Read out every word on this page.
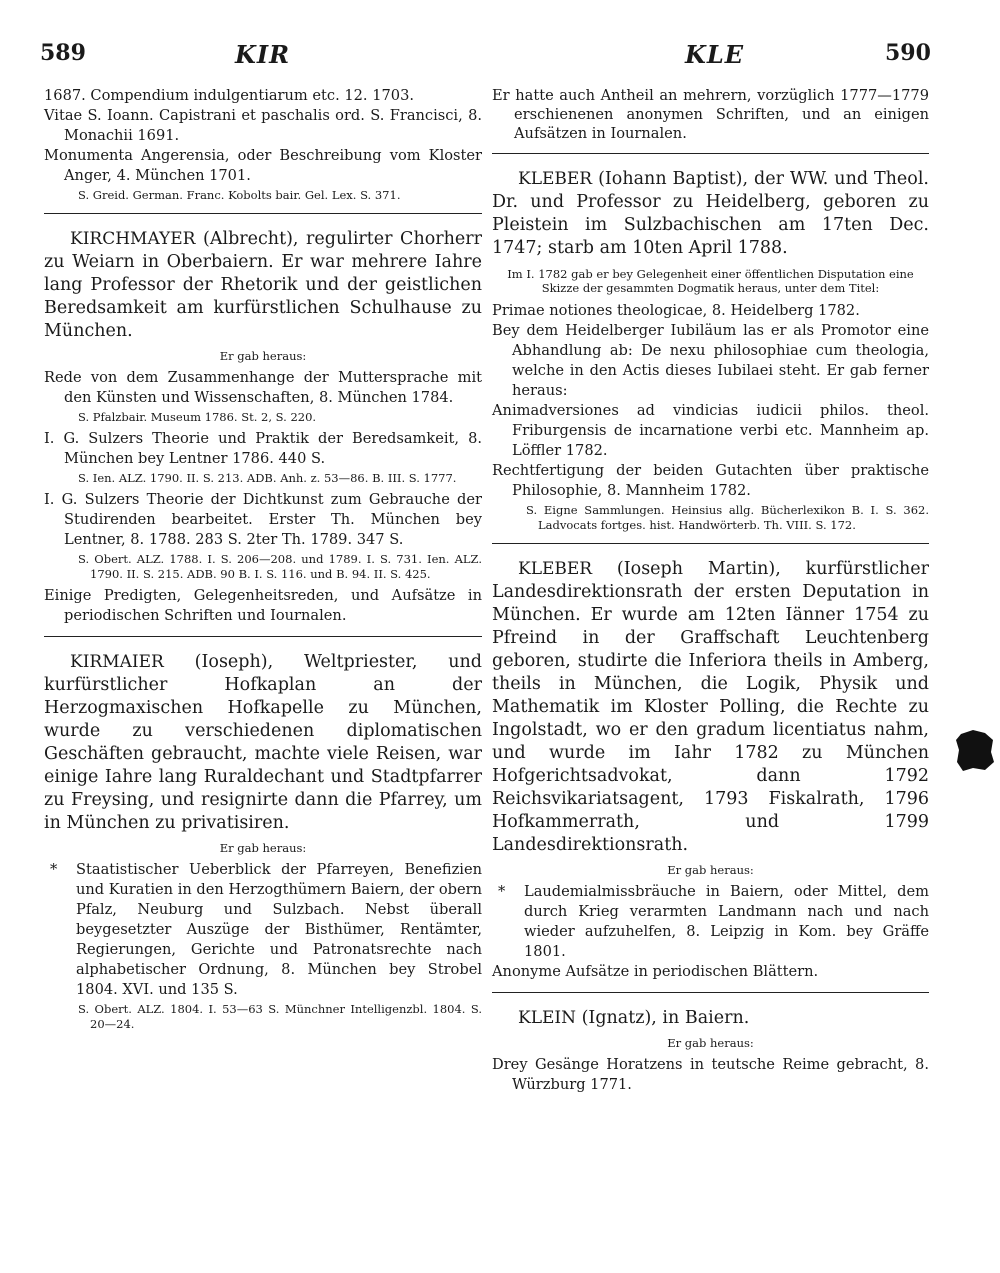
589	KIR	KLE	590

1687. Compendium indulgentiarum etc. 12. 1703.

Vitae S. Ioann. Capistrani et paschalis ord. S. Francisci, 8. Monachii 1691.

Monumenta Angerensia, oder Beschreibung vom Kloster Anger, 4. München 1701.

S. Greid. German. Franc. Kobolts bair. Gel. Lex. S. 371.

KIRCHMAYER (Albrecht), regulirter Chorherr zu Weiarn in Oberbaiern. Er war mehrere Iahre lang Professor der Rhetorik und der geistlichen Beredsamkeit am kurfürstlichen Schulhause zu München.

Er gab heraus:

Rede von dem Zusammenhange der Muttersprache mit den Künsten und Wissenschaften, 8. München 1784.

S. Pfalzbair. Museum 1786. St. 2, S. 220.

I. G. Sulzers Theorie und Praktik der Beredsamkeit, 8. München bey Lentner 1786. 440 S.

S. Ien. ALZ. 1790. II. S. 213. ADB. Anh. z. 53—86. B. III. S. 1777.

I. G. Sulzers Theorie der Dichtkunst zum Gebrauche der Studirenden bearbeitet. Erster Th. München bey Lentner, 8. 1788. 283 S. 2ter Th. 1789. 347 S.

S. Obert. ALZ. 1788. I. S. 206—208. und 1789. I. S. 731. Ien. ALZ. 1790. II. S. 215. ADB. 90 B. I. S. 116. und B. 94. II. S. 425.

Einige Predigten, Gelegenheitsreden, und Aufsätze in periodischen Schriften und Iournalen.

KIRMAIER (Ioseph), Weltpriester, und kurfürstlicher Hofkaplan an der Herzogmaxischen Hofkapelle zu München, wurde zu verschiedenen diplomatischen Geschäften gebraucht, machte viele Reisen, war einige Iahre lang Ruraldechant und Stadtpfarrer zu Freysing, und resignirte dann die Pfarrey, um in München zu privatisiren.

Er gab heraus:

* Staatistischer Ueberblick der Pfarreyen, Benefizien und Kuratien in den Herzogthümern Baiern, der obern Pfalz, Neuburg und Sulzbach. Nebst überall beygesetzter Auszüge der Bisthümer, Rentämter, Regierungen, Gerichte und Patronatsrechte nach alphabetischer Ordnung, 8. München bey Strobel 1804. XVI. und 135 S.

S. Obert. ALZ. 1804. I. 53—63 S. Münchner Intelligenzbl. 1804. S. 20—24.

Er hatte auch Antheil an mehrern, vorzüglich 1777—1779 erschienenen anonymen Schriften, und an einigen Aufsätzen in Iournalen.

KLEBER (Iohann Baptist), der WW. und Theol. Dr. und Professor zu Heidelberg, geboren zu Pleistein im Sulzbachischen am 17ten Dec. 1747; starb am 10ten April 1788.

Im I. 1782 gab er bey Gelegenheit einer öffentlichen Disputation eine Skizze der gesammten Dogmatik heraus, unter dem Titel:

Primae notiones theologicae, 8. Heidelberg 1782.

Bey dem Heidelberger Iubiläum las er als Promotor eine Abhandlung ab: De nexu philosophiae cum theologia, welche in den Actis dieses Iubilaei steht. Er gab ferner heraus:

Animadversiones ad vindicias iudicii philos. theol. Friburgensis de incarnatione verbi etc. Mannheim ap. Löffler 1782.

Rechtfertigung der beiden Gutachten über praktische Philosophie, 8. Mannheim 1782.

S. Eigne Sammlungen. Heinsius allg. Bücherlexikon B. I. S. 362. Ladvocats fortges. hist. Handwörterb. Th. VIII. S. 172.

KLEBER (Ioseph Martin), kurfürstlicher Landesdirektionsrath der ersten Deputation in München. Er wurde am 12ten Iänner 1754 zu Pfreind in der Graffschaft Leuchtenberg geboren, studirte die Inferiora theils in Amberg, theils in München, die Logik, Physik und Mathematik im Kloster Polling, die Rechte zu Ingolstadt, wo er den gradum licentiatus nahm, und wurde im Iahr 1782 zu München Hofgerichtsadvokat, dann 1792 Reichsvikariatsagent, 1793 Fiskalrath, 1796 Hofkammerrath, und 1799 Landesdirektionsrath.

Er gab heraus:

* Laudemialmissbräuche in Baiern, oder Mittel, dem durch Krieg verarmten Landmann nach und nach wieder aufzuhelfen, 8. Leipzig in Kom. bey Gräffe 1801.

Anonyme Aufsätze in periodischen Blättern.

KLEIN (Ignatz), in Baiern.

Er gab heraus:

Drey Gesänge Horatzens in teutsche Reime gebracht, 8. Würzburg 1771.
